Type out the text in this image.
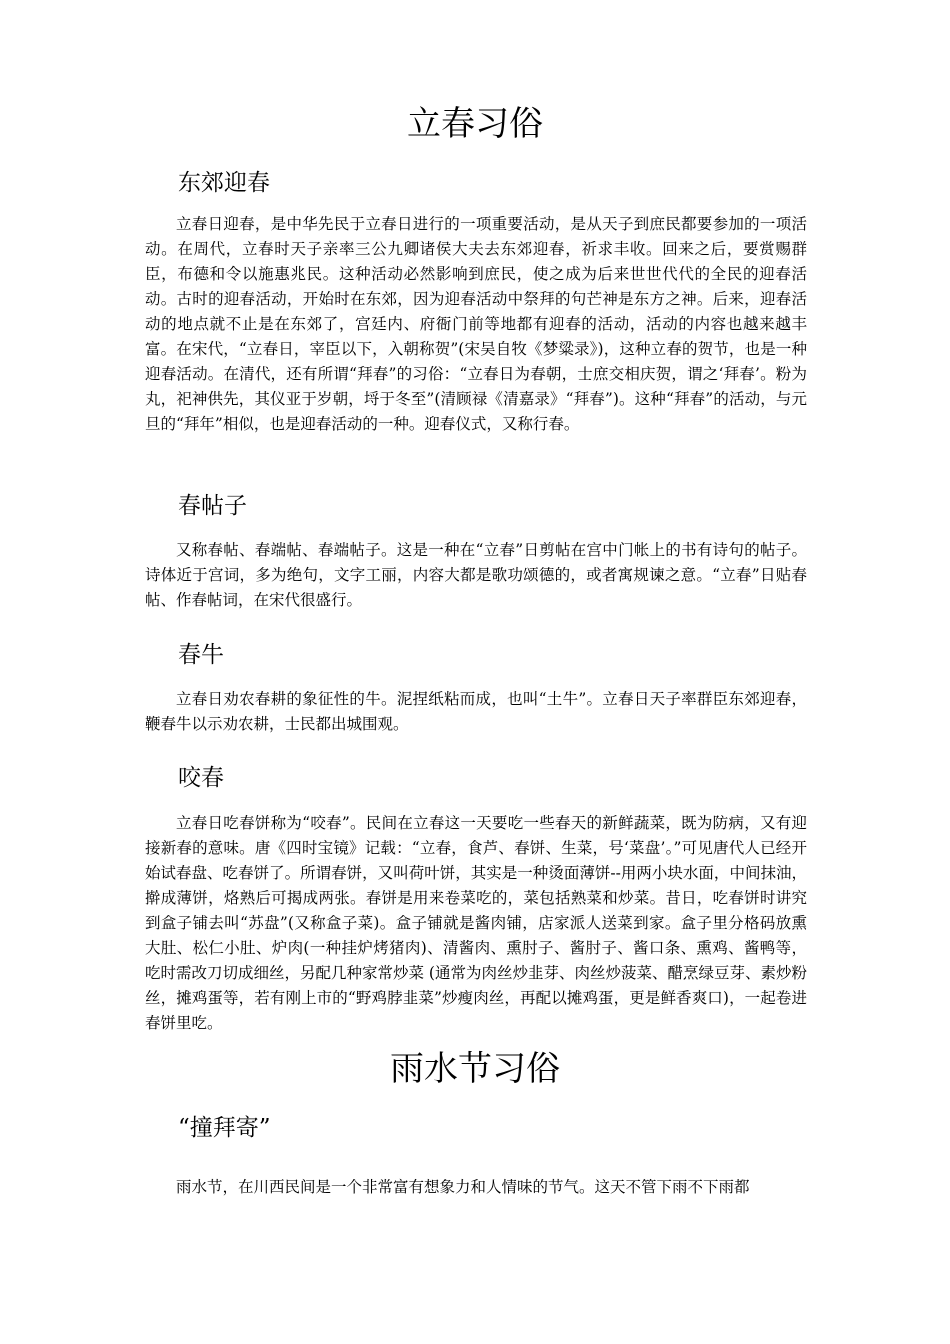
立春习俗
东郊迎春

立春日迎春，是中华先民于立春日进行的一项重要活动，是从天子到庶民都要参加的一项活动。在周代，立春时天子亲率三公九卿诸侯大夫去东郊迎春，祈求丰收。回来之后，要赏赐群臣，布德和令以施惠兆民。这种活动必然影响到庶民，使之成为后来世世代代的全民的迎春活动。古时的迎春活动，开始时在东郊，因为迎春活动中祭拜的句芒神是东方之神。后来，迎春活动的地点就不止是在东郊了，宫廷内、府衙门前等地都有迎春的活动，活动的内容也越来越丰富。在宋代，“立春日，宰臣以下，入朝称贺”(宋吴自牧《梦粱录》)，这种立春的贺节，也是一种迎春活动。在清代，还有所谓“拜春”的习俗：“立春日为春朝，士庶交相庆贺，谓之‘拜春’。粉为丸，祀神供先，其仪亚于岁朝，埒于冬至”(清顾禄《清嘉录》“拜春”)。这种“拜春”的活动，与元旦的“拜年”相似，也是迎春活动的一种。迎春仪式，又称行春。

春帖子

又称春帖、春端帖、春端帖子。这是一种在“立春”日剪帖在宫中门帐上的书有诗句的帖子。诗体近于宫词，多为绝句，文字工丽，内容大都是歌功颂德的，或者寓规谏之意。“立春”日贴春帖、作春帖词，在宋代很盛行。

春牛

立春日劝农春耕的象征性的牛。泥捏纸粘而成，也叫“土牛”。立春日天子率群臣东郊迎春，鞭春牛以示劝农耕，士民都出城围观。

咬春

立春日吃春饼称为“咬春”。民间在立春这一天要吃一些春天的新鲜蔬菜，既为防病，又有迎接新春的意味。唐《四时宝镜》记载：“立春，食芦、春饼、生菜，号‘菜盘’。”可见唐代人已经开始试春盘、吃春饼了。所谓春饼，又叫荷叶饼，其实是一种烫面薄饼--用两小块水面，中间抹油，擀成薄饼，烙熟后可揭成两张。春饼是用来卷菜吃的，菜包括熟菜和炒菜。昔日，吃春饼时讲究到盒子铺去叫“苏盘”(又称盒子菜)。盒子铺就是酱肉铺，店家派人送菜到家。盒子里分格码放熏大肚、松仁小肚、炉肉(一种挂炉烤猪肉)、清酱肉、熏肘子、酱肘子、酱口条、熏鸡、酱鸭等，吃时需改刀切成细丝，另配几种家常炒菜 (通常为肉丝炒韭芽、肉丝炒菠菜、醋烹绿豆芽、素炒粉丝，摊鸡蛋等，若有刚上市的“野鸡脖韭菜”炒瘦肉丝，再配以摊鸡蛋，更是鲜香爽口)，一起卷进春饼里吃。

雨水节习俗
“撞拜寄”

雨水节，在川西民间是一个非常富有想象力和人情味的节气。这天不管下雨不下雨都
